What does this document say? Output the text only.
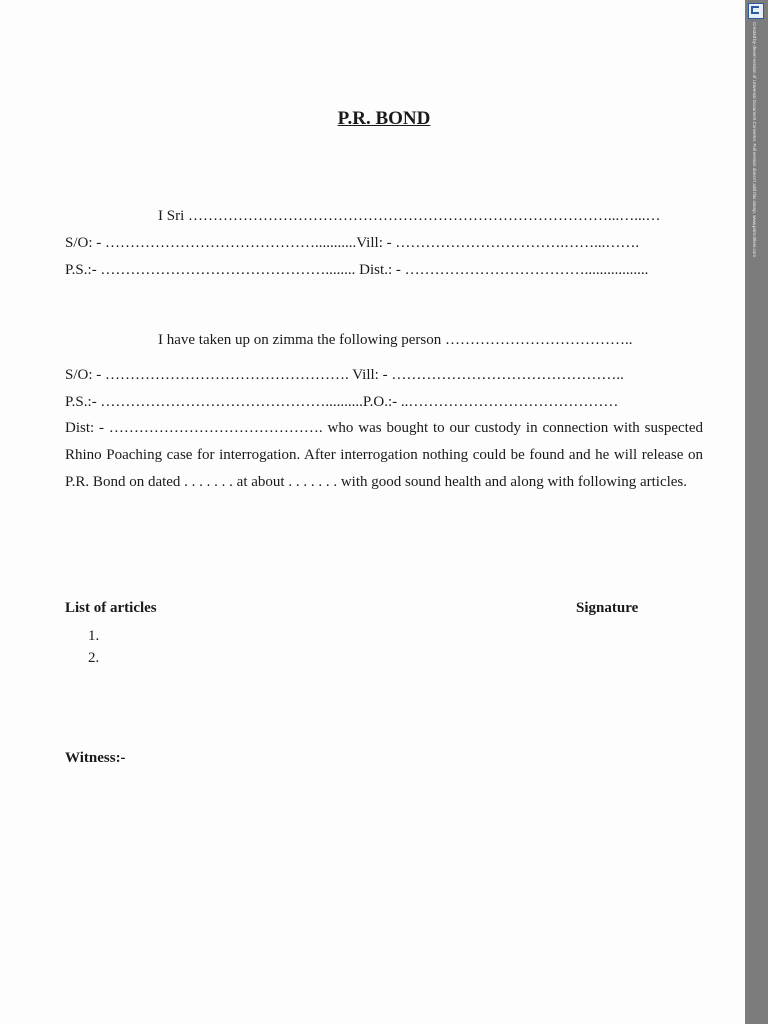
P.R. BOND
I Sri …………………………………………………………………………...…...…
S/O: - ……………………………………...........Vill: - …………………………….……...…….
P.S.:- ………………………………………........ Dist.: - ……………………………….................
I have taken up on zimma the following person ………………………………..
S/O: - …………………………………………. Vill: - ………………………………………..
P.S.:- ………………………………………..........P.O.:- ..……………………………………
Dist: - ……………………………………. who was bought to our custody in connection with suspected Rhino Poaching case for interrogation. After interrogation nothing could be found and he will release on P.R. Bond on dated . . . . . . . at about . . . . . . . with good sound health and along with following articles.
List of articles	Signature
1.
2.
Witness:-
Created by deven-version of Universal Document Converter. Full version doesn't add this stamp. www.print-driver.com
